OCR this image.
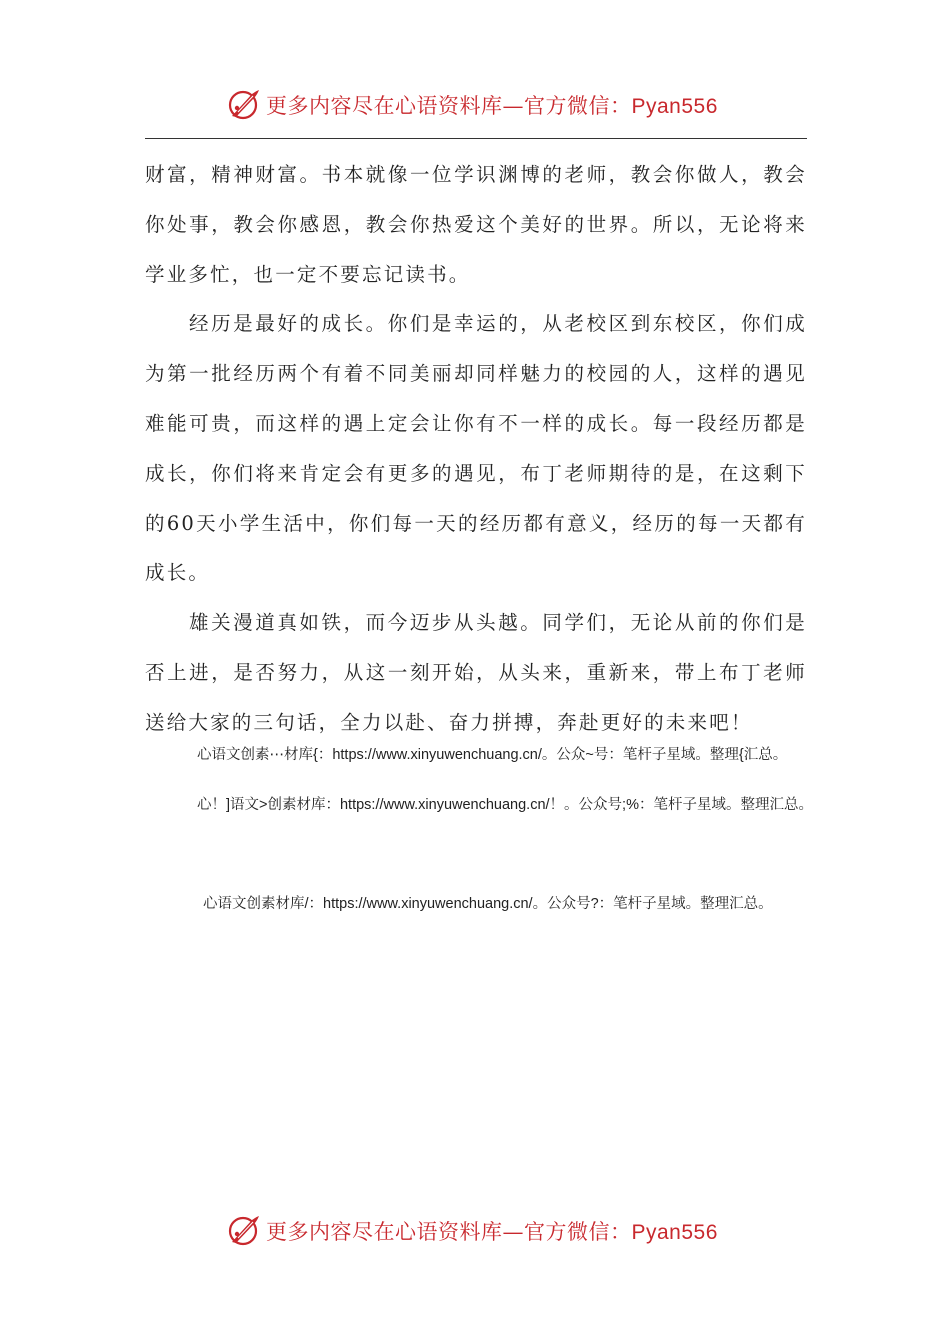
更多内容尽在心语资料库—官方微信：Pyan556

财富，精神财富。书本就像一位学识渊博的老师，教会你做人，教会你处事，教会你感恩，教会你热爱这个美好的世界。所以，无论将来学业多忙，也一定不要忘记读书。

经历是最好的成长。你们是幸运的，从老校区到东校区，你们成为第一批经历两个有着不同美丽却同样魅力的校园的人，这样的遇见难能可贵，而这样的遇上定会让你有不一样的成长。每一段经历都是成长，你们将来肯定会有更多的遇见，布丁老师期待的是，在这剩下的60天小学生活中，你们每一天的经历都有意义，经历的每一天都有成长。

雄关漫道真如铁，而今迈步从头越。同学们，无论从前的你们是否上进，是否努力，从这一刻开始，从头来，重新来，带上布丁老师送给大家的三句话，全力以赴、奋力拼搏，奔赴更好的未来吧！

心语文创素⋯材库{：https://www.xinyuwenchuang.cn/。公众~号：笔杆子星域。整理{汇总。

心！]语文>创素材库：https://www.xinyuwenchuang.cn/！。公众号;%：笔杆子星域。整理汇总。

心语文创素材库/：https://www.xinyuwenchuang.cn/。公众号?：笔杆子星域。整理汇总。

更多内容尽在心语资料库—官方微信：Pyan556
